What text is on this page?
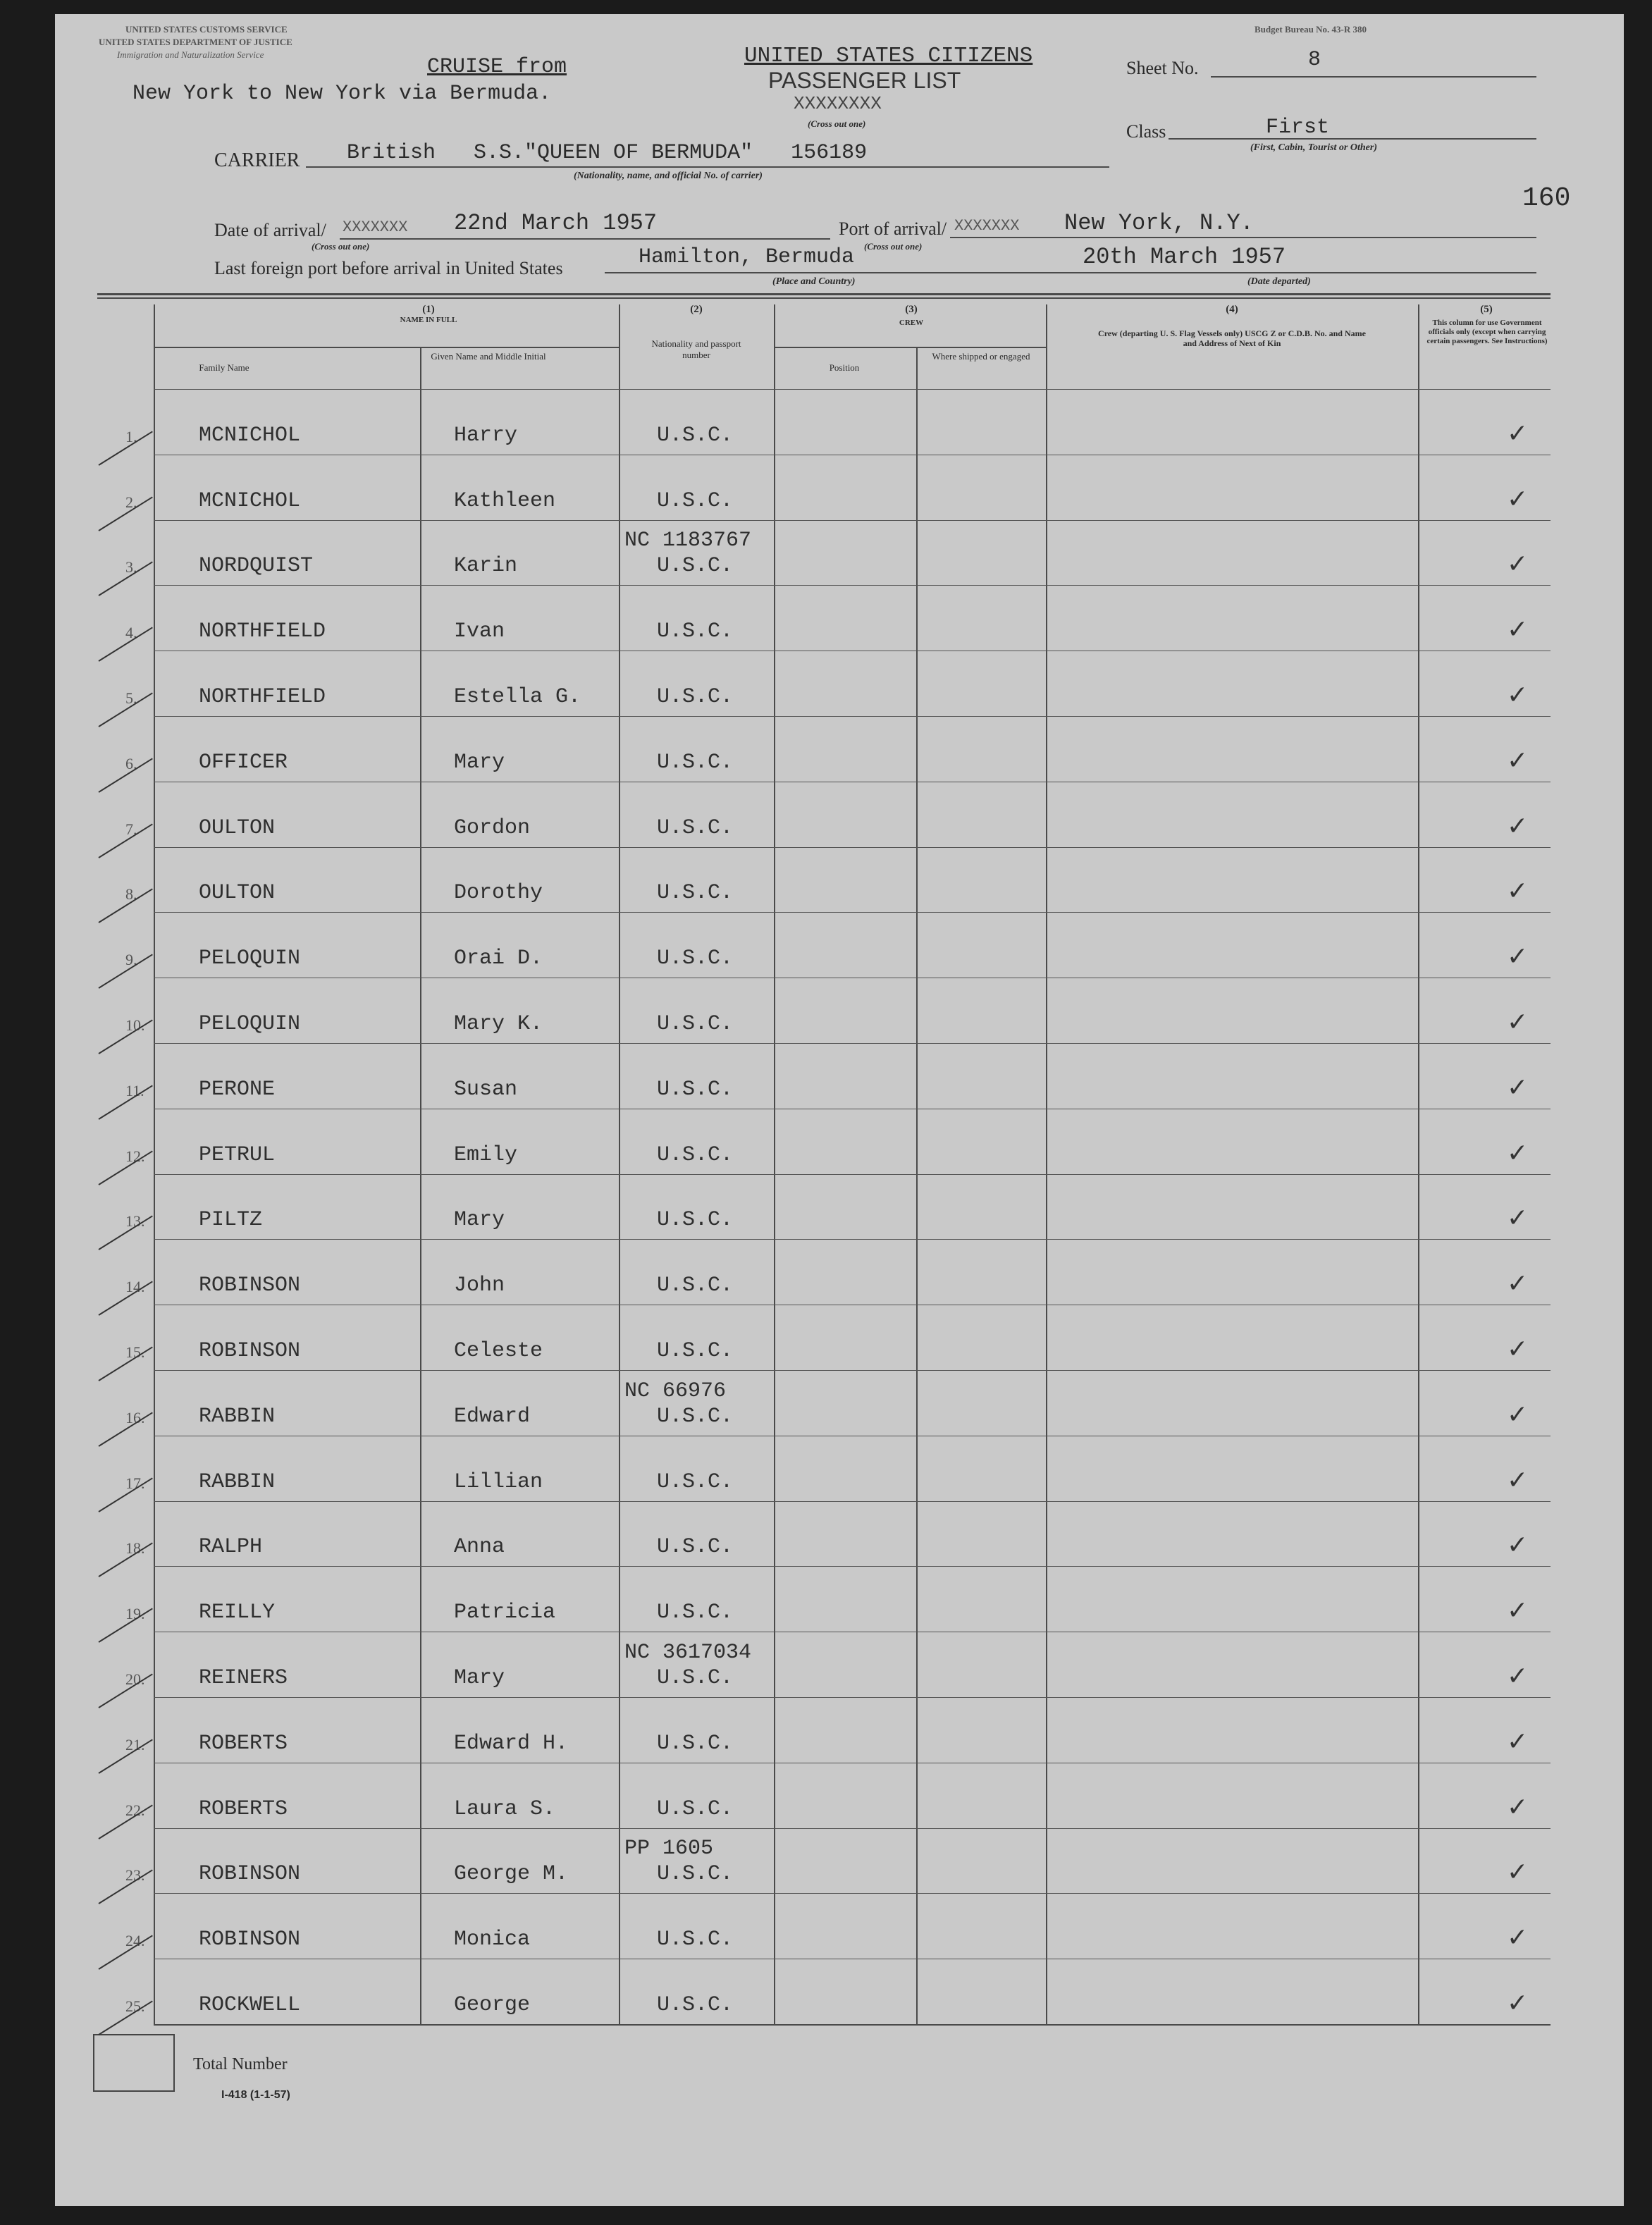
UNITED STATES CUSTOMS SERVICE
UNITED STATES DEPARTMENT OF JUSTICE
Immigration and Naturalization Service
CRUISE from
New York to New York via Bermuda.
UNITED STATES CITIZENS
PASSENGER LIST
XXXXXXXX
(Cross out one)
Budget Bureau No. 43-R 380
Sheet No.	8
Class	First
(First, Cabin, Tourist or Other)
CARRIER British   S.S."QUEEN OF BERMUDA"   156189
(Nationality, name, and official No. of carrier)
160
Date of arrival/ XXXXXXX 22nd March 1957
(Cross out one)
Port of arrival/ XXXXXXX New York, N.Y.
(Cross out one)
Last foreign port before arrival in United States	Hamilton, Bermuda
(Place and Country)
20th March 1957
(Date departed)
(1)
NAME IN FULL
Family Name
Given Name and Middle Initial
(2)
Nationality and passport number
(3)
CREW
Position
Where shipped or engaged
(4)
Crew (departing U. S. Flag Vessels only) USCG Z or C.D.B. No. and Name and Address of Next of Kin
(5)
This column for use Government officials only (except when carrying certain passengers. See Instructions)
Total Number
I-418 (1-1-57)
1.	MCNICHOL	Harry	U.S.C.	✓
2.	MCNICHOL	Kathleen	U.S.C.	✓
3.	NORDQUIST	Karin
NC 1183767
U.S.C.	✓
4.	NORTHFIELD	Ivan	U.S.C.	✓
5.	NORTHFIELD	Estella G.	U.S.C.	✓
6.	OFFICER	Mary	U.S.C.	✓
7.	OULTON	Gordon	U.S.C.	✓
8.	OULTON	Dorothy	U.S.C.	✓
9.	PELOQUIN	Orai D.	U.S.C.	✓
10.	PELOQUIN	Mary K.	U.S.C.	✓
11.	PERONE	Susan	U.S.C.	✓
12.	PETRUL	Emily	U.S.C.	✓
13.	PILTZ	Mary	U.S.C.	✓
14.	ROBINSON	John	U.S.C.	✓
15.	ROBINSON	Celeste	U.S.C.	✓
16.	RABBIN	Edward
NC 66976
U.S.C.	✓
17.	RABBIN	Lillian	U.S.C.	✓
18.	RALPH	Anna	U.S.C.	✓
19.	REILLY	Patricia	U.S.C.	✓
20.	REINERS	Mary
NC 3617034
U.S.C.	✓
21.	ROBERTS	Edward H.	U.S.C.	✓
22.	ROBERTS	Laura S.	U.S.C.	✓
23.	ROBINSON	George M.
PP 1605
U.S.C.	✓
24.	ROBINSON	Monica	U.S.C.	✓
25.	ROCKWELL	George	U.S.C.	✓
